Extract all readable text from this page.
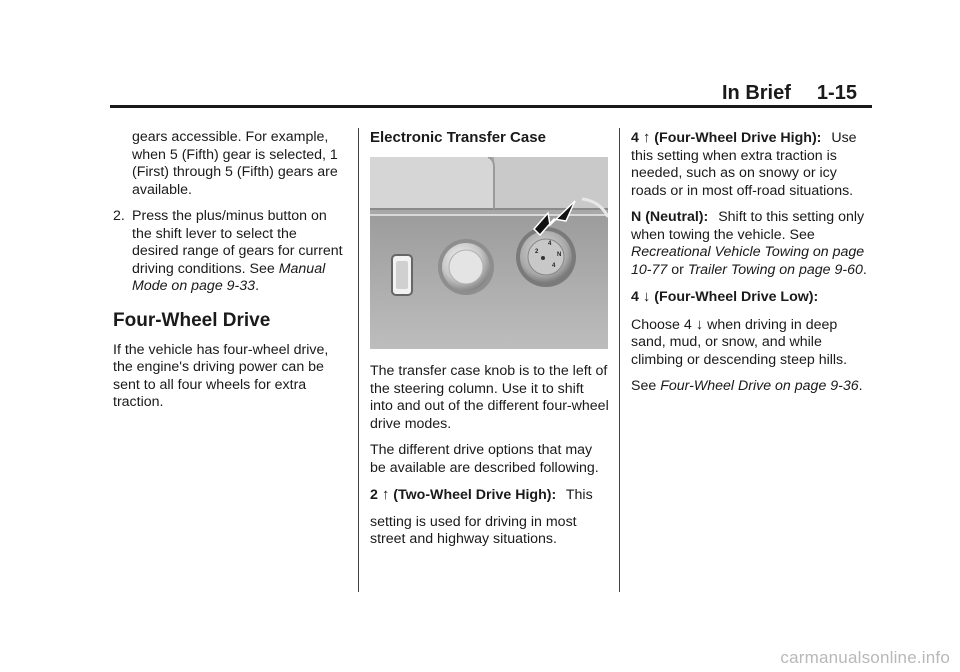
In Brief 1-15

gears accessible. For example, when 5 (Fifth) gear is selected, 1 (First) through 5 (Fifth) gears are available.

2. Press the plus/minus button on the shift lever to select the desired range of gears for current driving conditions. See Manual Mode on page 9-33.

Four-Wheel Drive

If the vehicle has four-wheel drive, the engine's driving power can be sent to all four wheels for extra traction.

Electronic Transfer Case
2
4
N
4

The transfer case knob is to the left of the steering column. Use it to shift into and out of the different four-wheel drive modes.

The different drive options that may be available are described following.

2 ↑ (Two-Wheel Drive High): This

setting is used for driving in most street and highway situations.

4 ↑ (Four-Wheel Drive High): Use this setting when extra traction is needed, such as on snowy or icy roads or in most off-road situations.

N (Neutral): Shift to this setting only when towing the vehicle. See Recreational Vehicle Towing on page 10-77 or Trailer Towing on page 9-60.

4 ↓ (Four-Wheel Drive Low):

Choose 4 ↓ when driving in deep sand, mud, or snow, and while climbing or descending steep hills.

See Four-Wheel Drive on page 9-36.

carmanualsonline.info
